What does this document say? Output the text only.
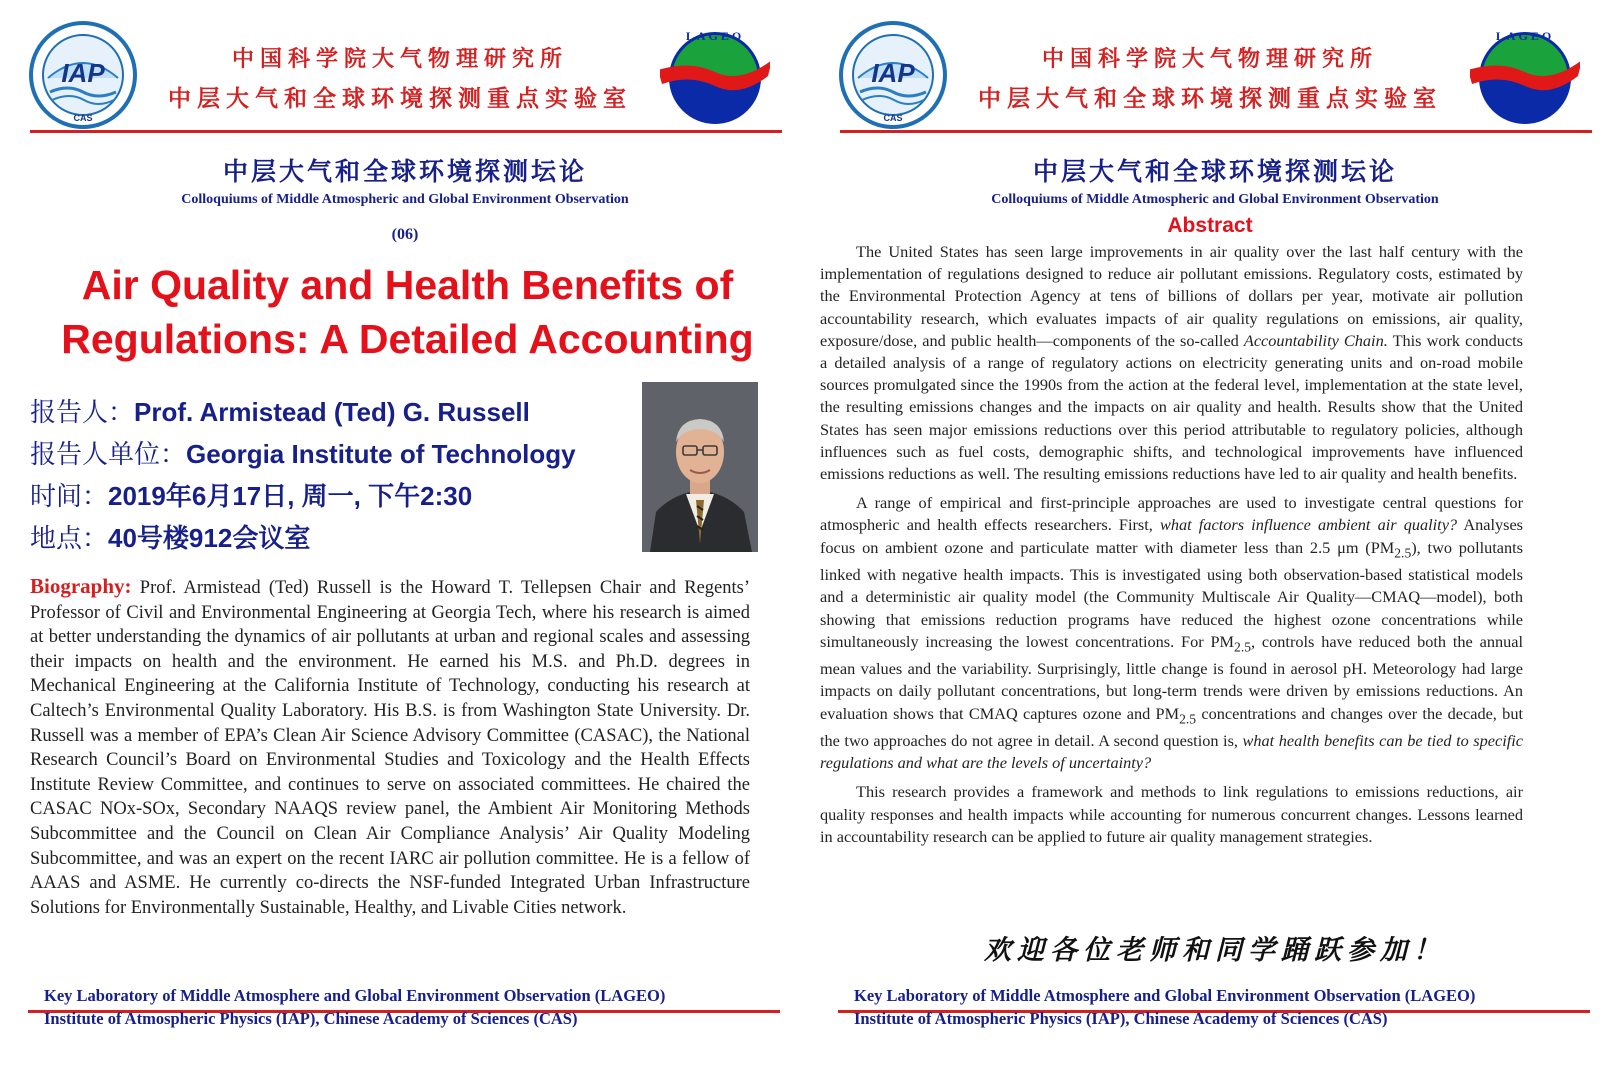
IAP
CAS
中国科学院大气物理研究所
中层大气和全球环境探测重点实验室
LAGEO
中层大气和全球环境探测坛论
Colloquiums of Middle Atmospheric and Global Environment Observation
(06)
Air Quality and Health Benefits of
Regulations: A Detailed Accounting
报告人：Prof. Armistead (Ted) G. Russell
报告人单位：Georgia Institute of Technology
时间：2019年6月17日, 周一, 下午2:30
地点：40号楼912会议室
Biography: Prof. Armistead (Ted) Russell is the Howard T. Tellepsen Chair and Regents’ Professor of Civil and Environmental Engineering at Georgia Tech, where his research is aimed at better understanding the dynamics of air pollutants at urban and regional scales and assessing their impacts on health and the environment. He earned his M.S. and Ph.D. degrees in Mechanical Engineering at the California Institute of Technology, conducting his research at Caltech’s Environmental Quality Laboratory. His B.S. is from Washington State University. Dr. Russell was a member of EPA’s Clean Air Science Advisory Committee (CASAC), the National Research Council’s Board on Environmental Studies and Toxicology and the Health Effects Institute Review Committee, and continues to serve on associated committees. He chaired the CASAC NOx-SOx, Secondary NAAQS review panel, the Ambient Air Monitoring Methods Subcommittee and the Council on Clean Air Compliance Analysis’ Air Quality Modeling Subcommittee, and was an expert on the recent IARC air pollution committee. He is a fellow of AAAS and ASME. He currently co-directs the NSF-funded Integrated Urban Infrastructure Solutions for Environmentally Sustainable, Healthy, and Livable Cities network.
Key Laboratory of Middle Atmosphere and Global Environment Observation (LAGEO)
Institute of Atmospheric Physics (IAP), Chinese Academy of Sciences (CAS)
IAP
CAS
中国科学院大气物理研究所
中层大气和全球环境探测重点实验室
LAGEO
中层大气和全球环境探测坛论
Colloquiums of Middle Atmospheric and Global Environment Observation
Abstract
Key Laboratory of Middle Atmosphere and Global Environment Observation (LAGEO)
Institute of Atmospheric Physics (IAP), Chinese Academy of Sciences (CAS)
欢迎各位老师和同学踊跃参加！

The United States has seen large improvements in air quality over the last half century with the implementation of regulations designed to reduce air pollutant emissions. Regulatory costs, estimated by the Environmental Protection Agency at tens of billions of dollars per year, motivate air pollution accountability research, which evaluates impacts of air quality regulations on emissions, air quality, exposure/dose, and public health—components of the so-called Accountability Chain. This work conducts a detailed analysis of a range of regulatory actions on electricity generating units and on-road mobile sources promulgated since the 1990s from the action at the federal level, implementation at the state level, the resulting emissions changes and the impacts on air quality and health. Results show that the United States has seen major emissions reductions over this period attributable to regulatory policies, although influences such as fuel costs, demographic shifts, and technological improvements have influenced emissions reductions as well. The resulting emissions reductions have led to air quality and health benefits.

A range of empirical and first-principle approaches are used to investigate central questions for atmospheric and health effects researchers. First, what factors influence ambient air quality? Analyses focus on ambient ozone and particulate matter with diameter less than 2.5 μm $(PM_{2.5})$, two pollutants linked with negative health impacts. This is investigated using both observation-based statistical models and a deterministic air quality model (the Community Multiscale Air Quality—CMAQ—model), both showing that emissions reduction programs have reduced the highest ozone concentrations while simultaneously increasing the lowest concentrations. For $PM_{2.5}$, controls have reduced both the annual mean values and the variability. Surprisingly, little change is found in aerosol pH. Meteorology had large impacts on daily pollutant concentrations, but long-term trends were driven by emissions reductions. An evaluation shows that CMAQ captures ozone and $PM_{2.5}$ concentrations and changes over the decade, but the two approaches do not agree in detail. A second question is, what health benefits can be tied to specific regulations and what are the levels of uncertainty?

This research provides a framework and methods to link regulations to emissions reductions, air quality responses and health impacts while accounting for numerous concurrent changes. Lessons learned in accountability research can be applied to future air quality management strategies.
